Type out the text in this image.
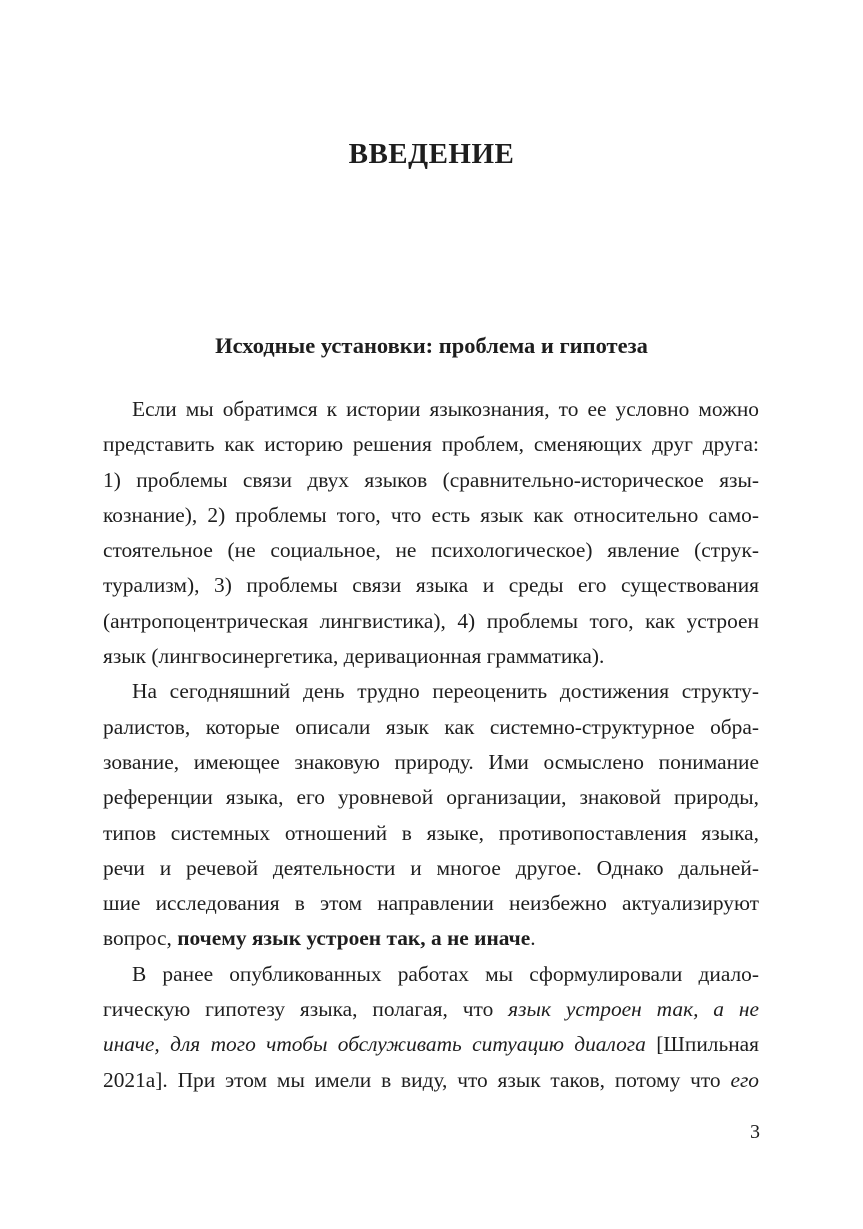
ВВЕДЕНИЕ
Исходные установки: проблема и гипотеза
Если мы обратимся к истории языкознания, то ее условно можно
представить как историю решения проблем, сменяющих друг друга:
1) проблемы связи двух языков (сравнительно-историческое язы-
кознание), 2) проблемы того, что есть язык как относительно само-
стоятельное (не социальное, не психологическое) явление (струк-
турализм), 3) проблемы связи языка и среды его существования
(антропоцентрическая лингвистика), 4) проблемы того, как устроен
язык (лингвосинергетика, деривационная грамматика).
На сегодняшний день трудно переоценить достижения структу-
ралистов, которые описали язык как системно-структурное обра-
зование, имеющее знаковую природу. Ими осмыслено понимание
референции языка, его уровневой организации, знаковой природы,
типов системных отношений в языке, противопоставления языка,
речи и речевой деятельности и многое другое. Однако дальней-
шие исследования в этом направлении неизбежно актуализируют
вопрос, почему язык устроен так, а не иначе.
В ранее опубликованных работах мы сформулировали диало-
гическую гипотезу языка, полагая, что язык устроен так, а не
иначе, для того чтобы обслуживать ситуацию диалога [Шпильная
2021а]. При этом мы имели в виду, что язык таков, потому что его
3
